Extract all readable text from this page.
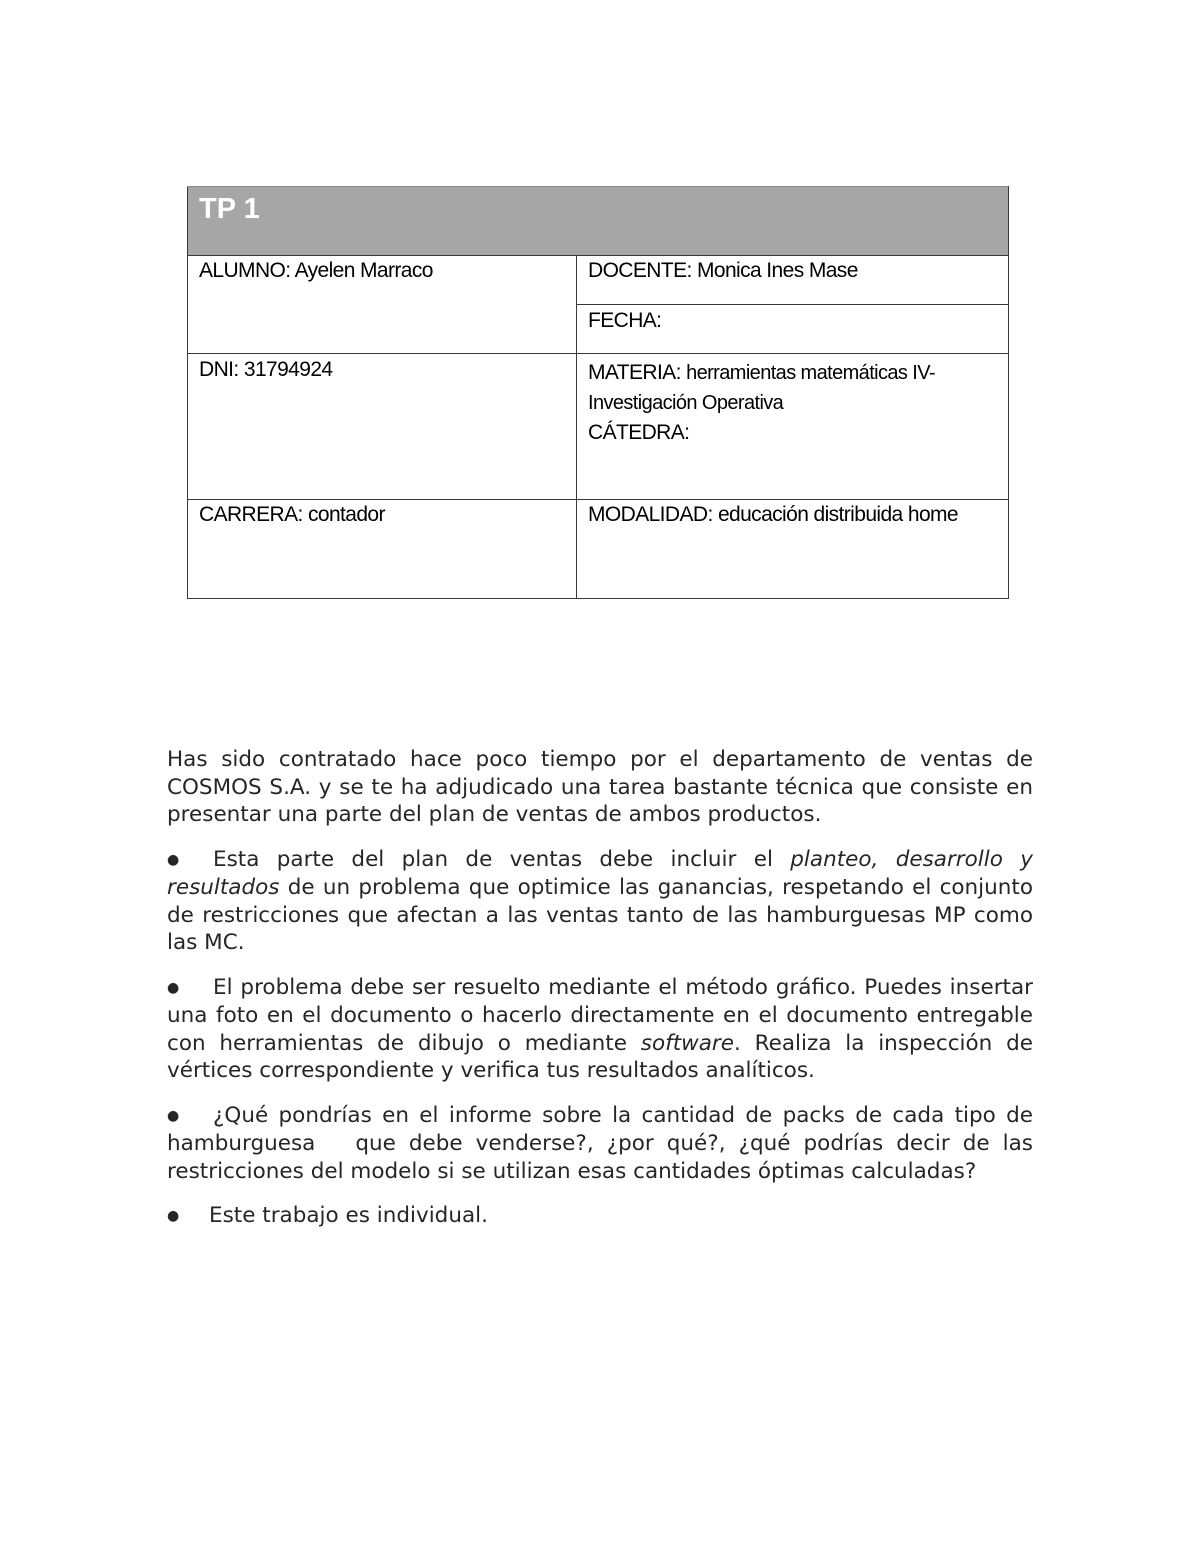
TP 1	
ALUMNO: Ayelen Marraco	DOCENTE: Monica Ines Mase
	FECHA:
DNI: 31794924	MATERIA: herramientas matemáticas IV-
Investigación Operativa
CÁTEDRA:

CARRERA: contador	MODALIDAD: educación distribuida home

Has sido contratado hace poco tiempo por el departamento de ventas de COSMOS S.A. y se te ha adjudicado una tarea bastante técnica que consiste en presentar una parte del plan de ventas de ambos productos.

● Esta parte del plan de ventas debe incluir el planteo, desarrollo y resultados de un problema que optimice las ganancias, respetando el conjunto de restricciones que afectan a las ventas tanto de las hamburguesas MP como las MC.
● El problema debe ser resuelto mediante el método gráfico. Puedes insertar una foto en el documento o hacerlo directamente en el documento entregable con herramientas de dibujo o mediante software. Realiza la inspección de vértices correspondiente y verifica tus resultados analíticos.
● ¿Qué pondrías en el informe sobre la cantidad de packs de cada tipo de hamburguesa que debe venderse?, ¿por qué?, ¿qué podrías decir de las restricciones del modelo si se utilizan esas cantidades óptimas calculadas?
● Este trabajo es individual.
